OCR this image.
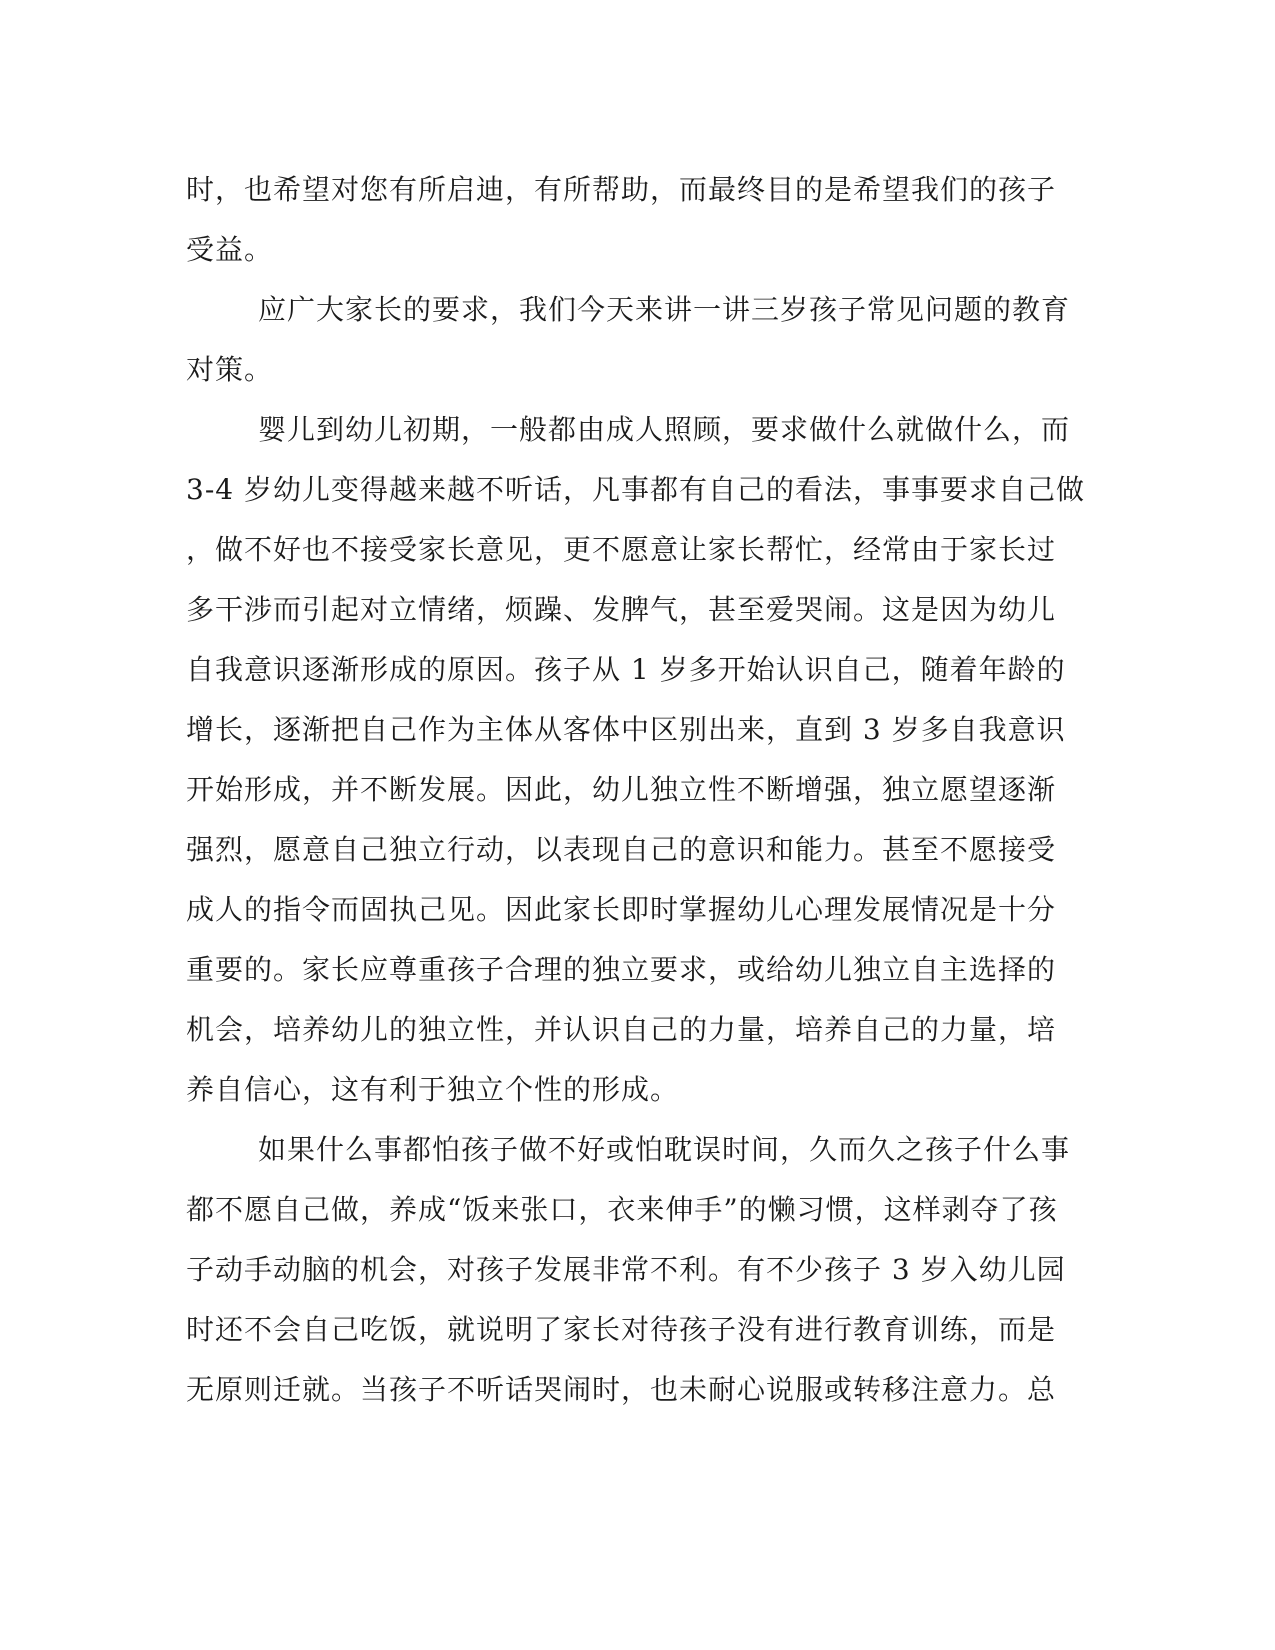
时，也希望对您有所启迪，有所帮助，而最终目的是希望我们的孩子
受益。
应广大家长的要求，我们今天来讲一讲三岁孩子常见问题的教育
对策。
婴儿到幼儿初期，一般都由成人照顾，要求做什么就做什么，而
3-4 岁幼儿变得越来越不听话，凡事都有自己的看法，事事要求自己做
，做不好也不接受家长意见，更不愿意让家长帮忙，经常由于家长过
多干涉而引起对立情绪，烦躁、发脾气，甚至爱哭闹。这是因为幼儿
自我意识逐渐形成的原因。孩子从 1 岁多开始认识自己，随着年龄的
增长，逐渐把自己作为主体从客体中区别出来，直到 3 岁多自我意识
开始形成，并不断发展。因此，幼儿独立性不断增强，独立愿望逐渐
强烈，愿意自己独立行动，以表现自己的意识和能力。甚至不愿接受
成人的指令而固执己见。因此家长即时掌握幼儿心理发展情况是十分
重要的。家长应尊重孩子合理的独立要求，或给幼儿独立自主选择的
机会，培养幼儿的独立性，并认识自己的力量，培养自己的力量，培
养自信心，这有利于独立个性的形成。
如果什么事都怕孩子做不好或怕耽误时间，久而久之孩子什么事
都不愿自己做，养成“饭来张口，衣来伸手”的懒习惯，这样剥夺了孩
子动手动脑的机会，对孩子发展非常不利。有不少孩子 3 岁入幼儿园
时还不会自己吃饭，就说明了家长对待孩子没有进行教育训练，而是
无原则迁就。当孩子不听话哭闹时，也未耐心说服或转移注意力。总
